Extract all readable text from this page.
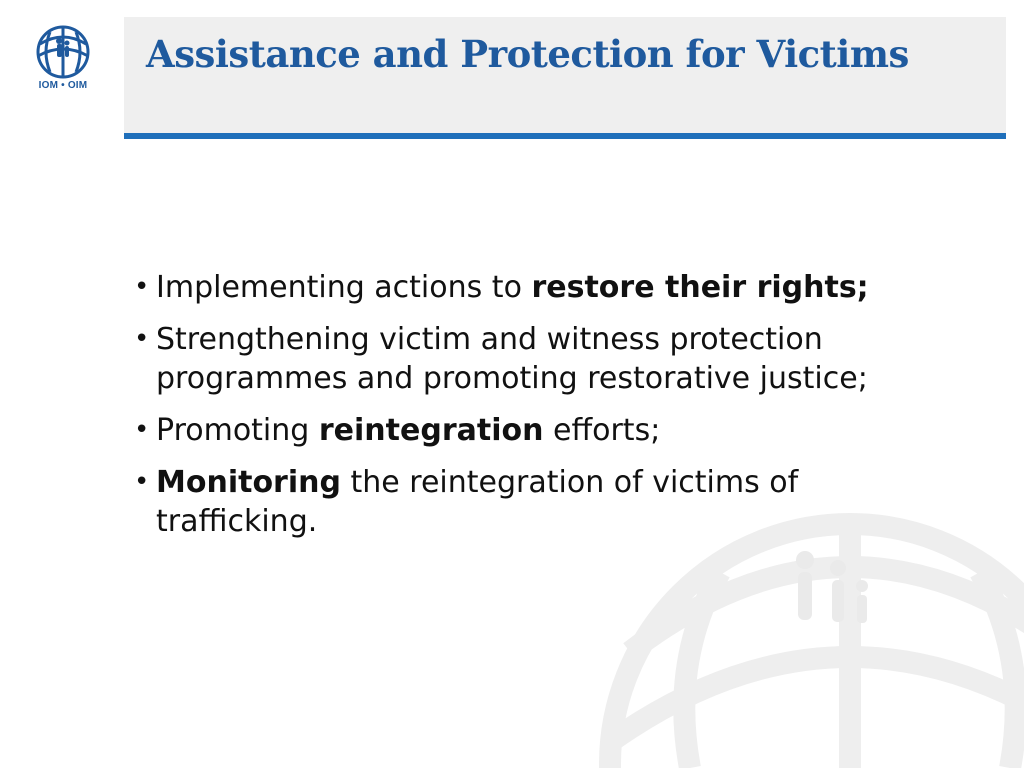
IOM • OIM
Assistance and Protection for Victims
• Implementing actions to restore their rights;
• Strengthening victim and witness protection programmes and promoting restorative justice;
• Promoting reintegration efforts;
• Monitoring the reintegration of victims of trafficking.
